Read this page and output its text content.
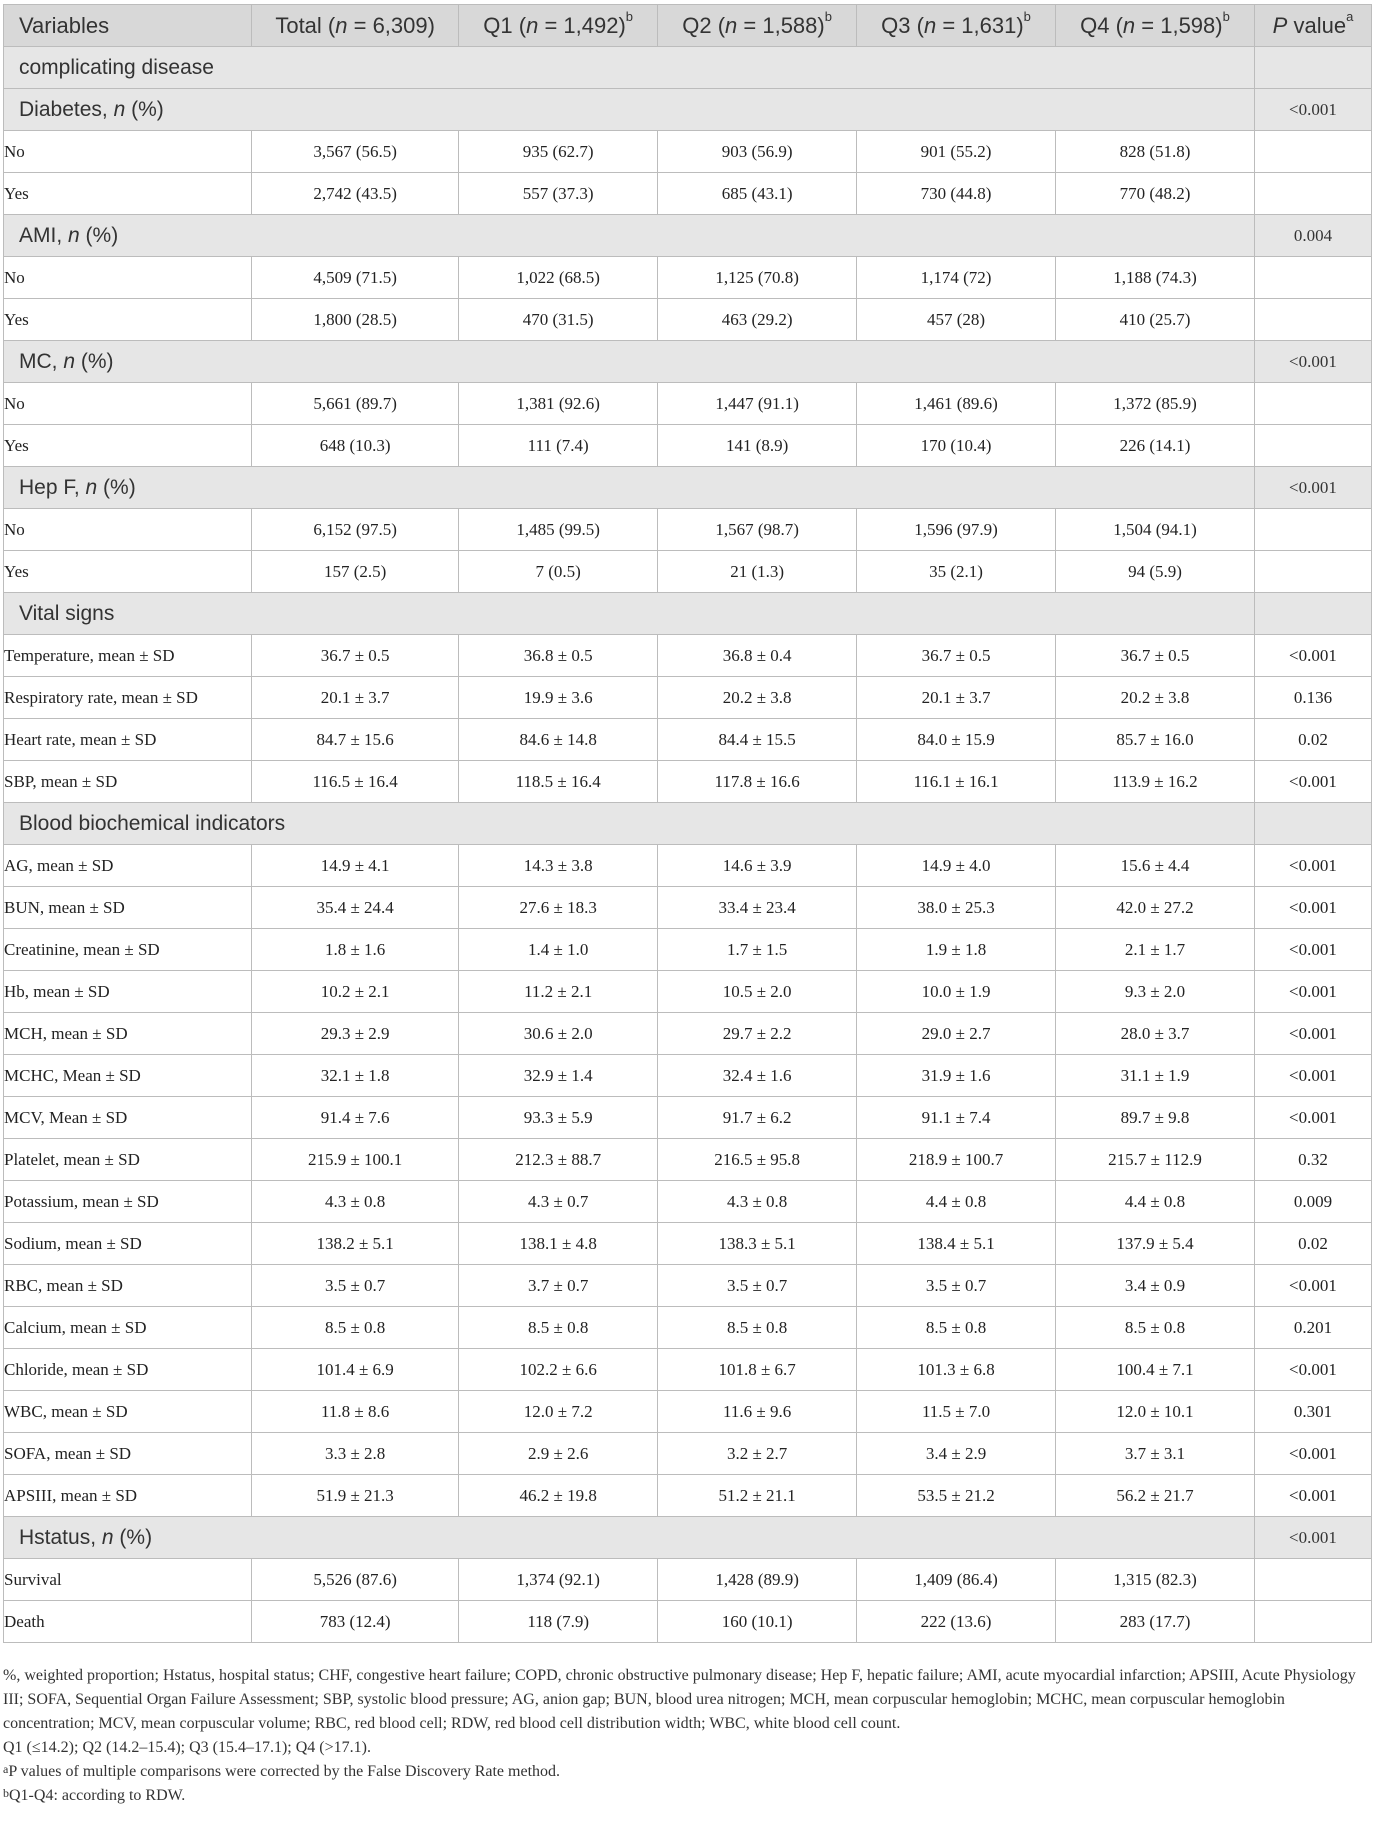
Variables	Total (n = 6,309)	Q1 (n = 1,492)$^b$	Q2 (n = 1,588)$^b$	Q3 (n = 1,631)$^b$	Q4 (n = 1,598)$^b$	P value$^a$
complicating disease						
Diabetes, n (%)						<0.001
No	3,567 (56.5)	935 (62.7)	903 (56.9)	901 (55.2)	828 (51.8)	
Yes	2,742 (43.5)	557 (37.3)	685 (43.1)	730 (44.8)	770 (48.2)	
AMI, n (%)						0.004
No	4,509 (71.5)	1,022 (68.5)	1,125 (70.8)	1,174 (72)	1,188 (74.3)	
Yes	1,800 (28.5)	470 (31.5)	463 (29.2)	457 (28)	410 (25.7)	
MC, n (%)						<0.001
No	5,661 (89.7)	1,381 (92.6)	1,447 (91.1)	1,461 (89.6)	1,372 (85.9)	
Yes	648 (10.3)	111 (7.4)	141 (8.9)	170 (10.4)	226 (14.1)	
Hep F, n (%)						<0.001
No	6,152 (97.5)	1,485 (99.5)	1,567 (98.7)	1,596 (97.9)	1,504 (94.1)	
Yes	157 (2.5)	7 (0.5)	21 (1.3)	35 (2.1)	94 (5.9)	
Vital signs						
Temperature, mean ± SD	36.7 ± 0.5	36.8 ± 0.5	36.8 ± 0.4	36.7 ± 0.5	36.7 ± 0.5	<0.001
Respiratory rate, mean ± SD	20.1 ± 3.7	19.9 ± 3.6	20.2 ± 3.8	20.1 ± 3.7	20.2 ± 3.8	0.136
Heart rate, mean ± SD	84.7 ± 15.6	84.6 ± 14.8	84.4 ± 15.5	84.0 ± 15.9	85.7 ± 16.0	0.02
SBP, mean ± SD	116.5 ± 16.4	118.5 ± 16.4	117.8 ± 16.6	116.1 ± 16.1	113.9 ± 16.2	<0.001
Blood biochemical indicators						
AG, mean ± SD	14.9 ± 4.1	14.3 ± 3.8	14.6 ± 3.9	14.9 ± 4.0	15.6 ± 4.4	<0.001
BUN, mean ± SD	35.4 ± 24.4	27.6 ± 18.3	33.4 ± 23.4	38.0 ± 25.3	42.0 ± 27.2	<0.001
Creatinine, mean ± SD	1.8 ± 1.6	1.4 ± 1.0	1.7 ± 1.5	1.9 ± 1.8	2.1 ± 1.7	<0.001
Hb, mean ± SD	10.2 ± 2.1	11.2 ± 2.1	10.5 ± 2.0	10.0 ± 1.9	9.3 ± 2.0	<0.001
MCH, mean ± SD	29.3 ± 2.9	30.6 ± 2.0	29.7 ± 2.2	29.0 ± 2.7	28.0 ± 3.7	<0.001
MCHC, Mean ± SD	32.1 ± 1.8	32.9 ± 1.4	32.4 ± 1.6	31.9 ± 1.6	31.1 ± 1.9	<0.001
MCV, Mean ± SD	91.4 ± 7.6	93.3 ± 5.9	91.7 ± 6.2	91.1 ± 7.4	89.7 ± 9.8	<0.001
Platelet, mean ± SD	215.9 ± 100.1	212.3 ± 88.7	216.5 ± 95.8	218.9 ± 100.7	215.7 ± 112.9	0.32
Potassium, mean ± SD	4.3 ± 0.8	4.3 ± 0.7	4.3 ± 0.8	4.4 ± 0.8	4.4 ± 0.8	0.009
Sodium, mean ± SD	138.2 ± 5.1	138.1 ± 4.8	138.3 ± 5.1	138.4 ± 5.1	137.9 ± 5.4	0.02
RBC, mean ± SD	3.5 ± 0.7	3.7 ± 0.7	3.5 ± 0.7	3.5 ± 0.7	3.4 ± 0.9	<0.001
Calcium, mean ± SD	8.5 ± 0.8	8.5 ± 0.8	8.5 ± 0.8	8.5 ± 0.8	8.5 ± 0.8	0.201
Chloride, mean ± SD	101.4 ± 6.9	102.2 ± 6.6	101.8 ± 6.7	101.3 ± 6.8	100.4 ± 7.1	<0.001
WBC, mean ± SD	11.8 ± 8.6	12.0 ± 7.2	11.6 ± 9.6	11.5 ± 7.0	12.0 ± 10.1	0.301
SOFA, mean ± SD	3.3 ± 2.8	2.9 ± 2.6	3.2 ± 2.7	3.4 ± 2.9	3.7 ± 3.1	<0.001
APSIII, mean ± SD	51.9 ± 21.3	46.2 ± 19.8	51.2 ± 21.1	53.5 ± 21.2	56.2 ± 21.7	<0.001
Hstatus, n (%)						<0.001
Survival	5,526 (87.6)	1,374 (92.1)	1,428 (89.9)	1,409 (86.4)	1,315 (82.3)	
Death	783 (12.4)	118 (7.9)	160 (10.1)	222 (13.6)	283 (17.7)	

%, weighted proportion; Hstatus, hospital status; CHF, congestive heart failure; COPD, chronic obstructive pulmonary disease; Hep F, hepatic failure; AMI, acute myocardial infarction; APSIII, Acute Physiology III; SOFA, Sequential Organ Failure Assessment; SBP, systolic blood pressure; AG, anion gap; BUN, blood urea nitrogen; MCH, mean corpuscular hemoglobin; MCHC, mean corpuscular hemoglobin concentration; MCV, mean corpuscular volume; RBC, red blood cell; RDW, red blood cell distribution width; WBC, white blood cell count.

Q1 (≤14.2); Q2 (14.2–15.4); Q3 (15.4–17.1); Q4 (>17.1).

$^a$P values of multiple comparisons were corrected by the False Discovery Rate method.

$^b$Q1-Q4: according to RDW.
